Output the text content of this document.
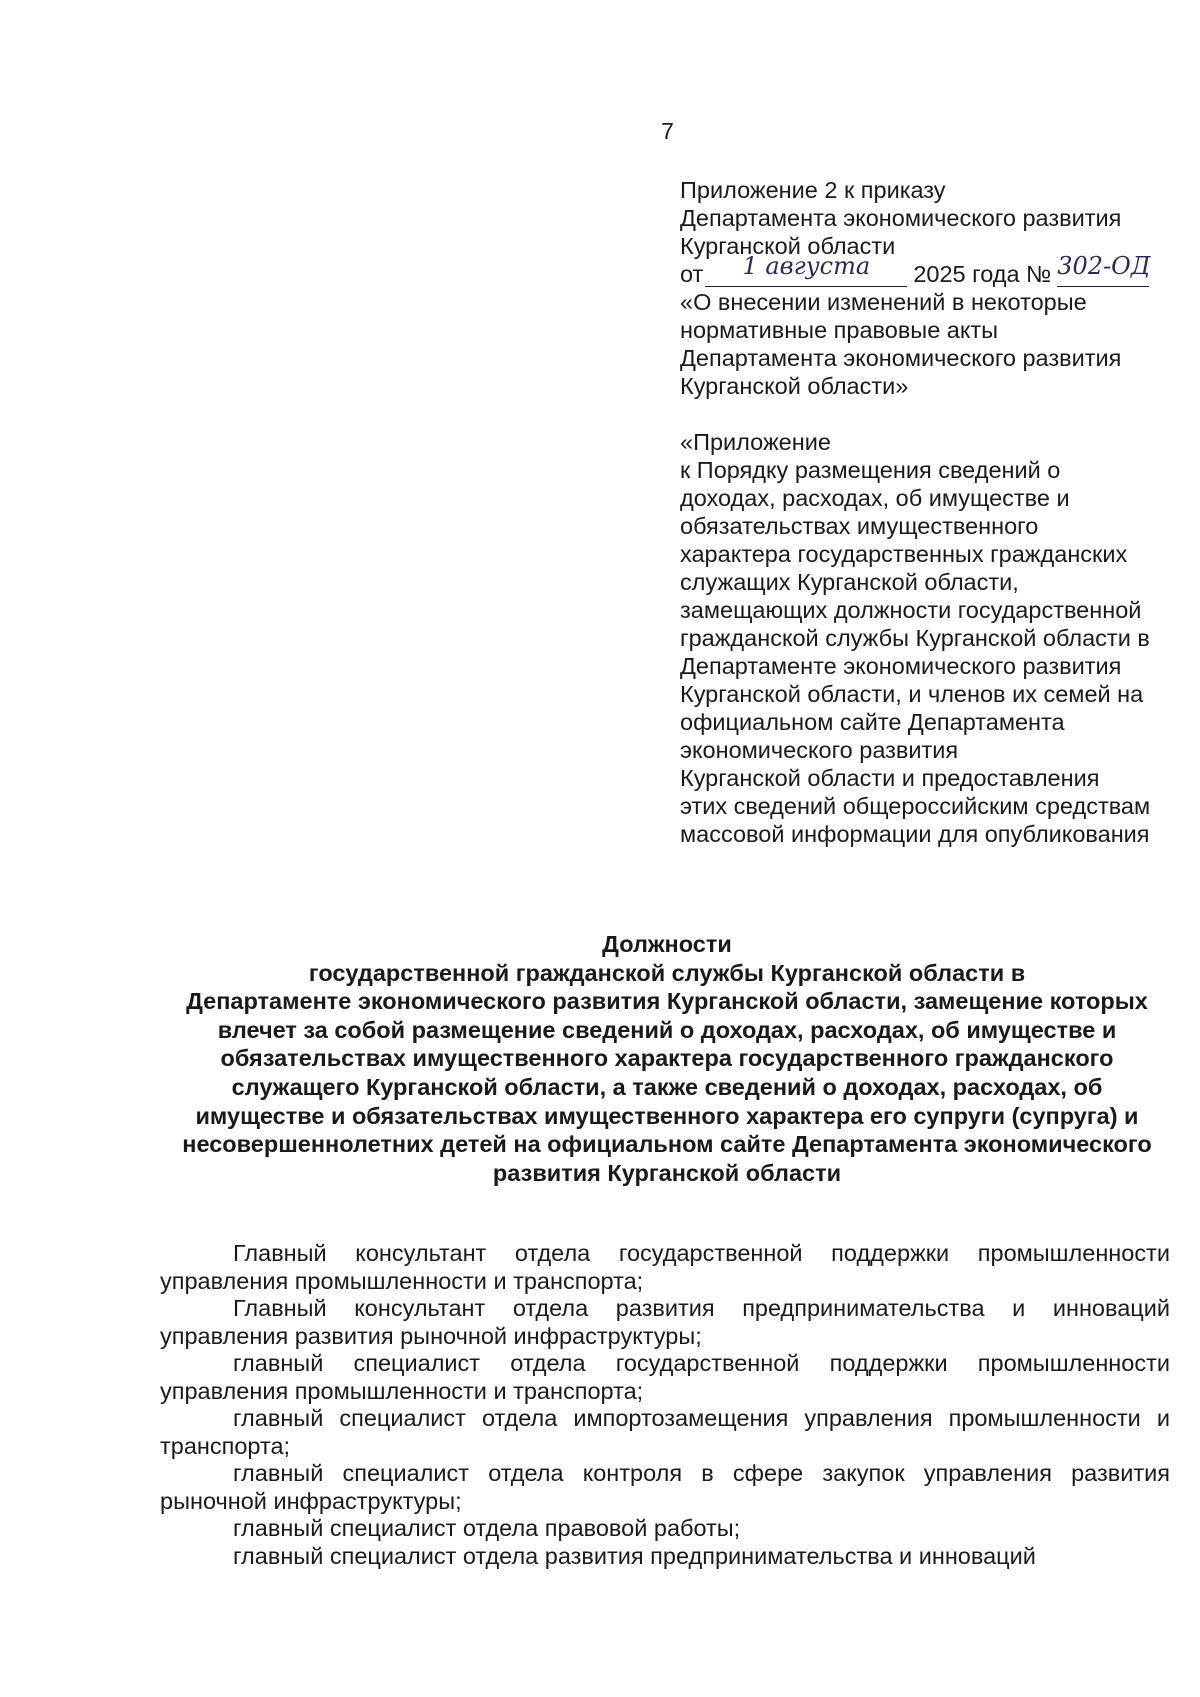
7
Приложение 2 к приказу
Департамента экономического развития
Курганской области
от 1 августа 2025 года № 302-ОД
«О внесении изменений в некоторые
нормативные правовые акты
Департамента экономического развития
Курганской области»
«Приложение
к Порядку размещения сведений о
доходах, расходах, об имуществе и
обязательствах имущественного
характера государственных гражданских
служащих Курганской области,
замещающих должности государственной
гражданской службы Курганской области в
Департаменте экономического развития
Курганской области, и членов их семей на
официальном сайте Департамента
экономического развития
Курганской области и предоставления
этих сведений общероссийским средствам
массовой информации для опубликования
Должности
государственной гражданской службы Курганской области в
Департаменте экономического развития Курганской области, замещение которых
влечет за собой размещение сведений о доходах, расходах, об имуществе и
обязательствах имущественного характера государственного гражданского
служащего Курганской области, а также сведений о доходах, расходах, об
имуществе и обязательствах имущественного характера его супруги (супруга) и
несовершеннолетних детей на официальном сайте Департамента экономического
развития Курганской области

Главный консультант отдела государственной поддержки промышленности управления промышленности и транспорта;

Главный консультант отдела развития предпринимательства и инноваций управления развития рыночной инфраструктуры;

главный специалист отдела государственной поддержки промышленности управления промышленности и транспорта;

главный специалист отдела импортозамещения управления промышленности и транспорта;

главный специалист отдела контроля в сфере закупок управления развития рыночной инфраструктуры;

главный специалист отдела правовой работы;

главный специалист отдела развития предпринимательства и инноваций
